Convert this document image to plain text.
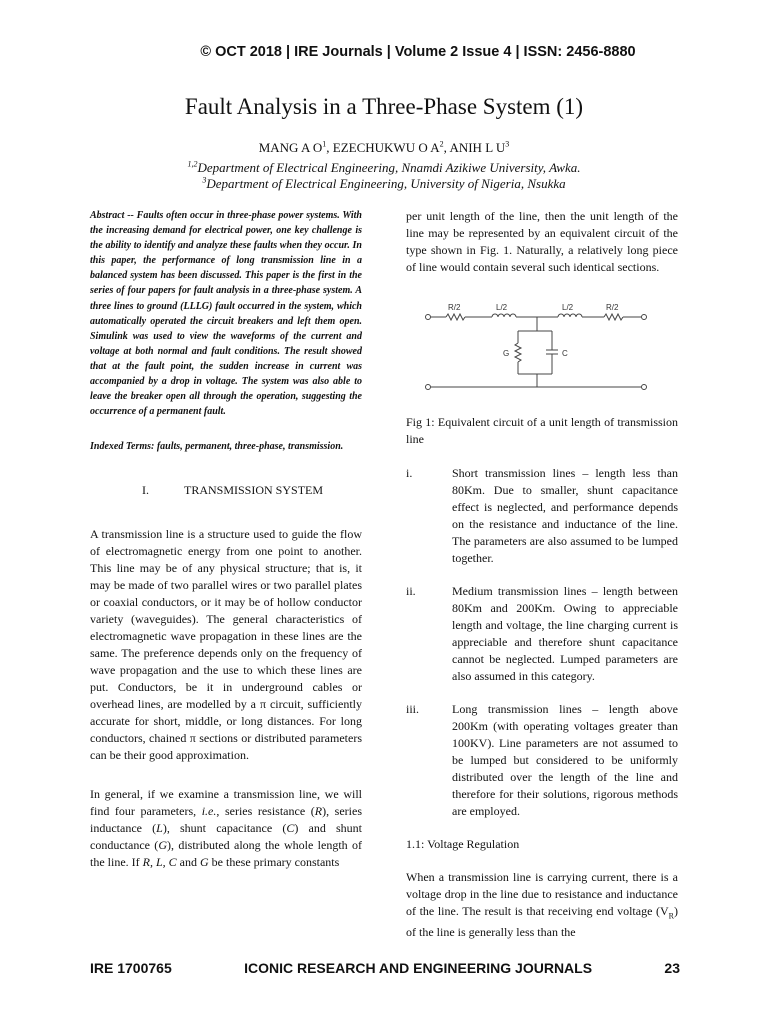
© OCT 2018 | IRE Journals | Volume 2 Issue 4 | ISSN: 2456-8880
Fault Analysis in a Three-Phase System (1)
MANG A $O^1$, EZECHUKWU O $A^2$, ANIH L $U^3$
$^{1,2}$Department of Electrical Engineering, Nnamdi Azikiwe University, Awka.
$^3$Department of Electrical Engineering, University of Nigeria, Nsukka

Abstract -- Faults often occur in three-phase power systems. With the increasing demand for electrical power, one key challenge is the ability to identify and analyze these faults when they occur. In this paper, the performance of long transmission line in a balanced system has been discussed. This paper is the first in the series of four papers for fault analysis in a three-phase system. A three lines to ground (LLLG) fault occurred in the system, which automatically operated the circuit breakers and left them open. Simulink was used to view the waveforms of the current and voltage at both normal and fault conditions. The result showed that at the fault point, the sudden increase in current was accompanied by a drop in voltage. The system was also able to leave the breaker open all through the operation, suggesting the occurrence of a permanent fault.

Indexed Terms: faults, permanent, three-phase, transmission.

I.	TRANSMISSION SYSTEM

A transmission line is a structure used to guide the flow of electromagnetic energy from one point to another. This line may be of any physical structure; that is, it may be made of two parallel wires or two parallel plates or coaxial conductors, or it may be of hollow conductor variety (waveguides). The general characteristics of electromagnetic wave propagation in these lines are the same. The preference depends only on the frequency of wave propagation and the use to which these lines are put. Conductors, be it in underground cables or overhead lines, are modelled by a π circuit, sufficiently accurate for short, middle, or long distances. For long conductors, chained π sections or distributed parameters can be their good approximation.

In general, if we examine a transmission line, we will find four parameters, i.e., series resistance (R), series inductance (L), shunt capacitance (C) and shunt conductance (G), distributed along the whole length of the line. If R, L, C and G be these primary constants

per unit length of the line, then the unit length of the line may be represented by an equivalent circuit of the type shown in Fig. 1. Naturally, a relatively long piece of line would contain several such identical sections.

R/2	L/2	L/2	R/2
G	C

Fig 1: Equivalent circuit of a unit length of transmission line

i.	Short transmission lines – length less than 80Km. Due to smaller, shunt capacitance effect is neglected, and performance depends on the resistance and inductance of the line. The parameters are also assumed to be lumped together.
ii.	Medium transmission lines – length between 80Km and 200Km. Owing to appreciable length and voltage, the line charging current is appreciable and therefore shunt capacitance cannot be neglected. Lumped parameters are also assumed in this category.
iii.	Long transmission lines – length above 200Km (with operating voltages greater than 100KV). Line parameters are not assumed to be lumped but considered to be uniformly distributed over the length of the line and therefore for their solutions, rigorous methods are employed.
1.1: Voltage Regulation

When a transmission line is carrying current, there is a voltage drop in the line due to resistance and inductance of the line. The result is that receiving end voltage $(V_R)$ of the line is generally less than the

IRE 1700765	ICONIC RESEARCH AND ENGINEERING JOURNALS	23
